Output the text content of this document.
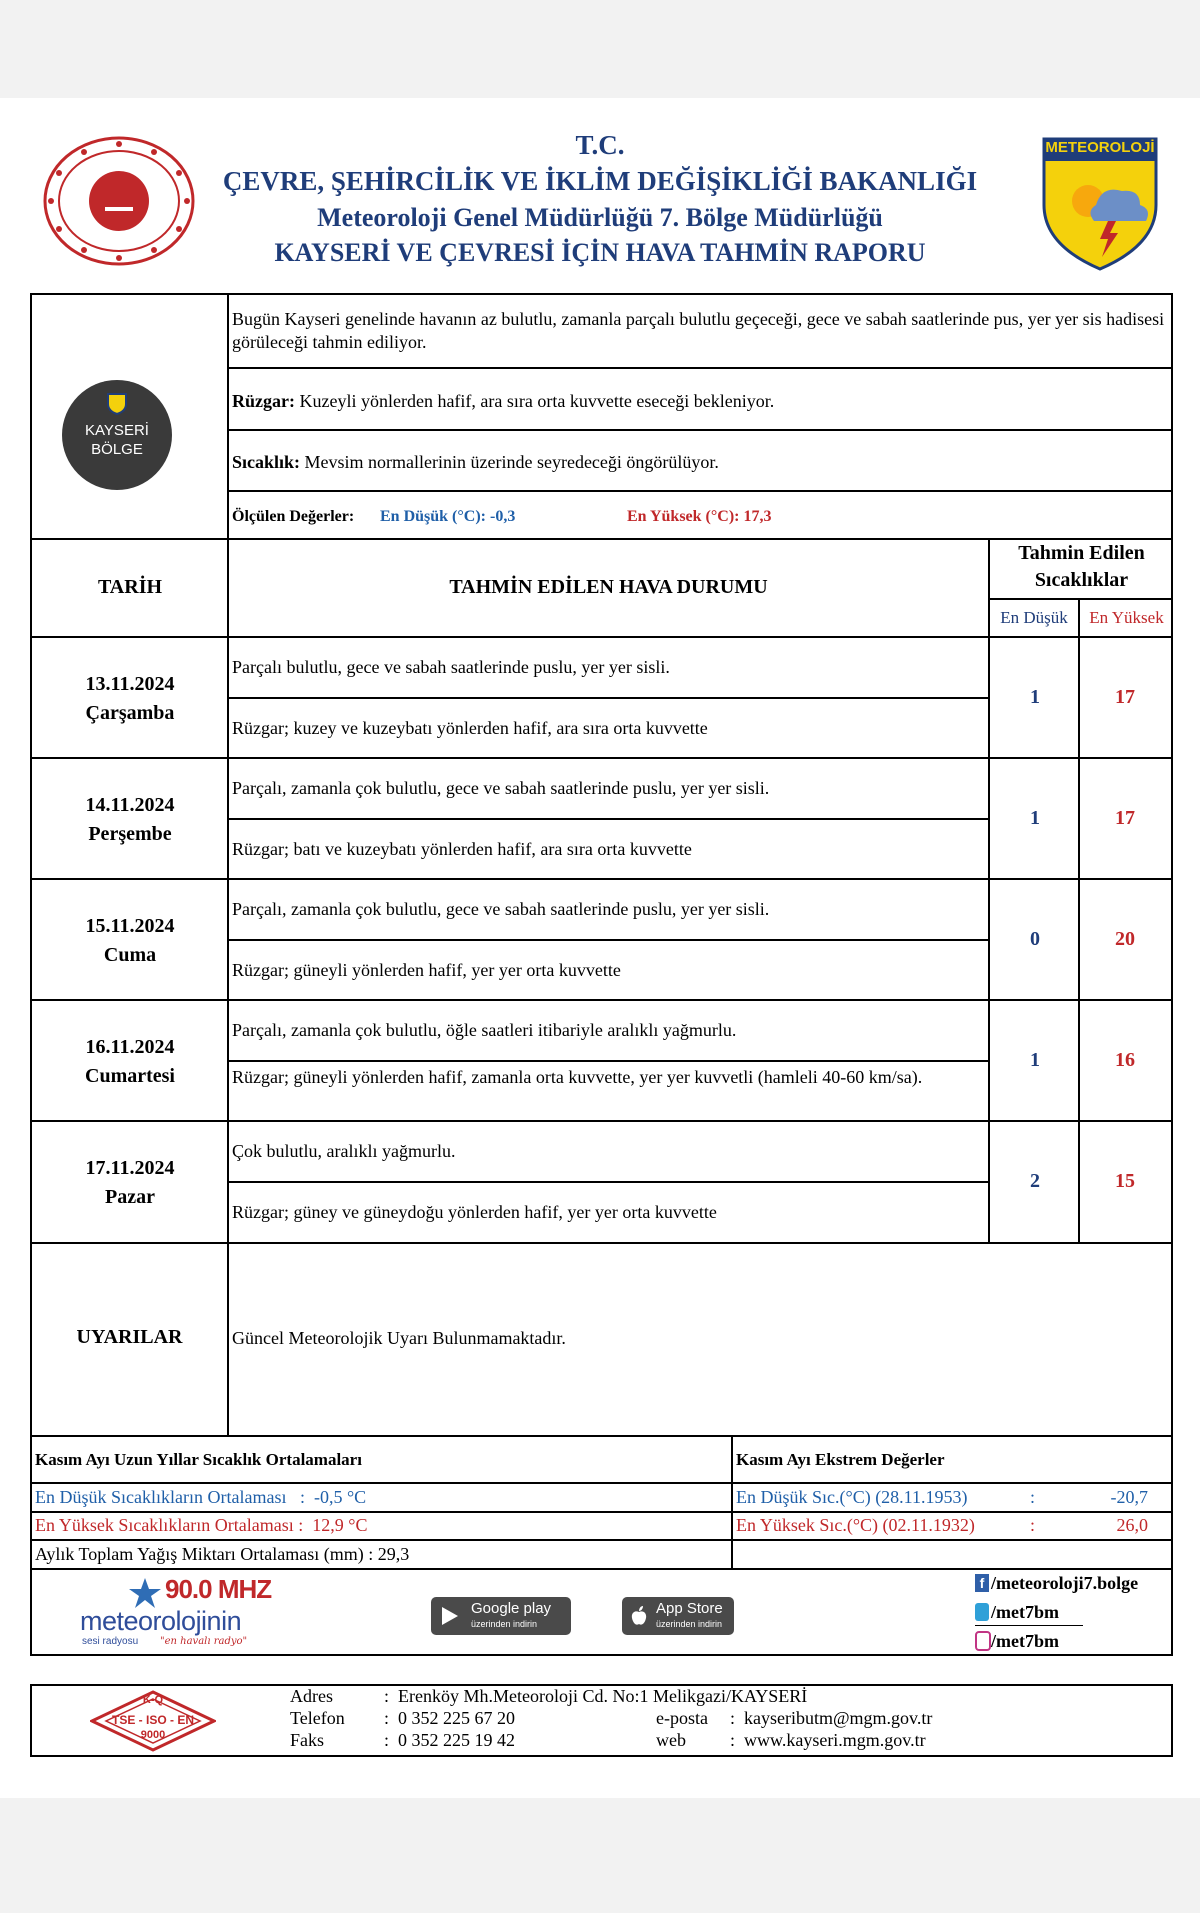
T.C.
ÇEVRE, ŞEHİRCİLİK VE İKLİM DEĞİŞİKLİĞİ BAKANLIĞI
Meteoroloji Genel Müdürlüğü 7. Bölge Müdürlüğü
KAYSERİ VE ÇEVRESİ İÇİN HAVA TAHMİN RAPORU
METEOROLOJİ
KAYSERİ
BÖLGE
Bugün Kayseri genelinde havanın az bulutlu, zamanla parçalı bulutlu geçeceği, gece ve sabah saatlerinde pus, yer yer sis hadisesi görüleceği tahmin ediliyor.
Rüzgar: Kuzeyli yönlerden hafif, ara sıra orta kuvvette eseceği bekleniyor.
Sıcaklık: Mevsim normallerinin üzerinde seyredeceği öngörülüyor.
Ölçülen Değerler: En Düşük (°C): -0,3	En Yüksek (°C): 17,3
TARİH	TAHMİN EDİLEN HAVA DURUMU
Tahmin Edilen
Sıcaklıklar
En Düşük	En Yüksek
13.11.2024
Çarşamba
Parçalı bulutlu, gece ve sabah saatlerinde puslu, yer yer sisli.
Rüzgar; kuzey ve kuzeybatı yönlerden hafif, ara sıra orta kuvvette
1	17
14.11.2024
Perşembe
Parçalı, zamanla çok bulutlu, gece ve sabah saatlerinde puslu, yer yer sisli.
Rüzgar; batı ve kuzeybatı yönlerden hafif, ara sıra orta kuvvette
1	17
15.11.2024
Cuma
Parçalı, zamanla çok bulutlu, gece ve sabah saatlerinde puslu, yer yer sisli.
Rüzgar; güneyli yönlerden hafif, yer yer orta kuvvette
0	20
16.11.2024
Cumartesi
Parçalı, zamanla çok bulutlu, öğle saatleri itibariyle aralıklı yağmurlu.
Rüzgar; güneyli yönlerden hafif, zamanla orta kuvvette, yer yer kuvvetli (hamleli 40-60 km/sa).
1	16
17.11.2024
Pazar
Çok bulutlu, aralıklı yağmurlu.
Rüzgar; güney ve güneydoğu yönlerden hafif, yer yer orta kuvvette
2	15
UYARILAR	Güncel Meteorolojik Uyarı Bulunmamaktadır.
Kasım Ayı Uzun Yıllar Sıcaklık Ortalamaları
En Düşük Sıcaklıkların Ortalaması   :  -0,5 °C
En Yüksek Sıcaklıkların Ortalaması :  12,9 °C
Aylık Toplam Yağış Miktarı Ortalaması (mm) : 29,3
Kasım Ayı Ekstrem Değerler
En Düşük Sıc.(°C) (28.11.1953)	:	-20,7
En Yüksek Sıc.(°C) (02.11.1932)	:	26,0
90.0 MHZ
meteorolojinin
sesi radyosu "en havalı radyo"
Google play
üzerinden indirin
App Store
üzerinden indirin
f /meteoroloji7.bolge
/met7bm
/met7bm
K-Q
TSE - ISO - EN
9000
Adres	:  Erenköy Mh.Meteoroloji Cd. No:1 Melikgazi/KAYSERİ
Telefon :  0 352 225 67 20
Faks	:  0 352 225 19 42
e-posta :  kayseributm@mgm.gov.tr
web :  www.kayseri.mgm.gov.tr
